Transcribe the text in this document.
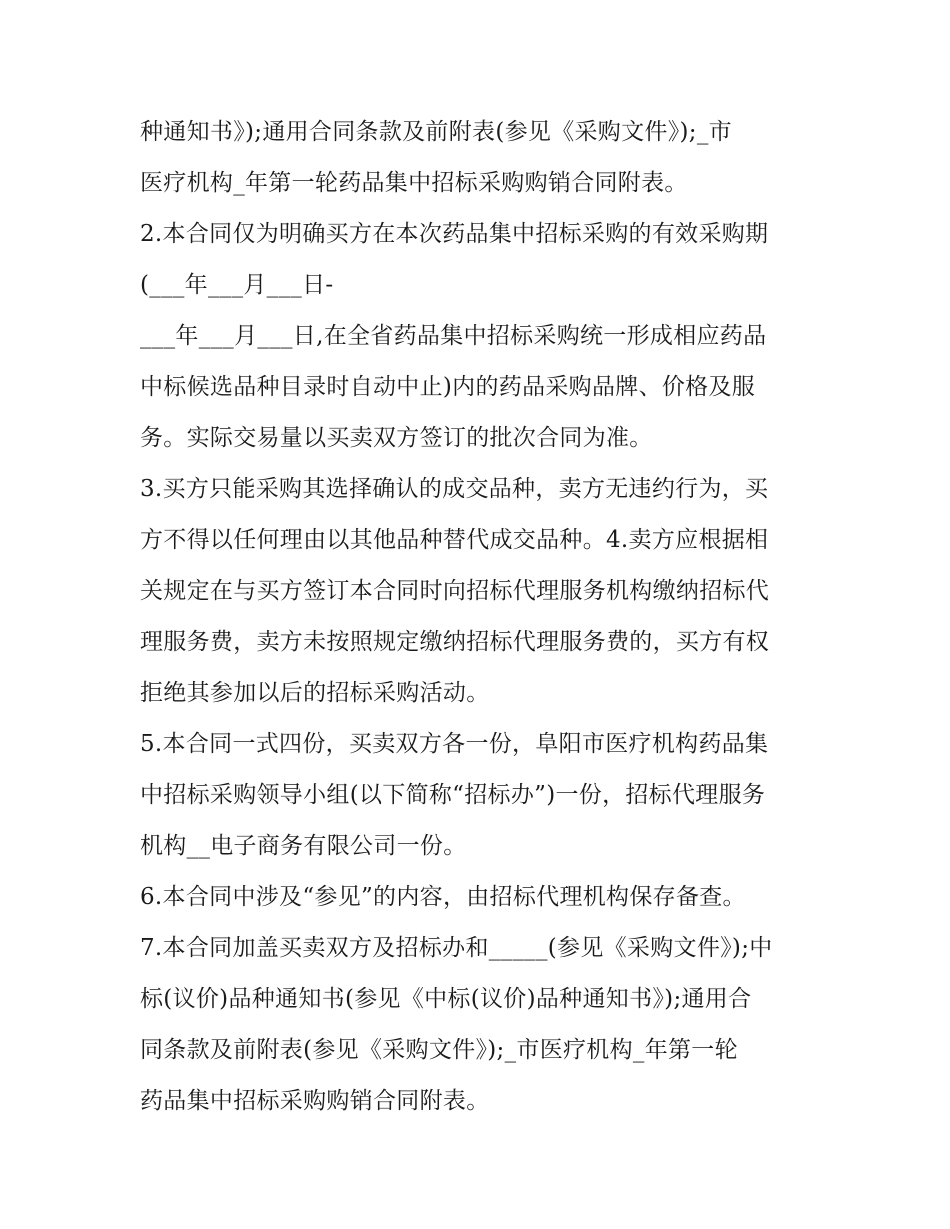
种通知书》);通用合同条款及前附表(参见《采购文件》);_市
医疗机构_年第一轮药品集中招标采购购销合同附表。
2.本合同仅为明确买方在本次药品集中招标采购的有效采购期
(___年___月___日-
___年___月___日,在全省药品集中招标采购统一形成相应药品
中标候选品种目录时自动中止)内的药品采购品牌、价格及服
务。实际交易量以买卖双方签订的批次合同为准。
3.买方只能采购其选择确认的成交品种，卖方无违约行为，买
方不得以任何理由以其他品种替代成交品种。4.卖方应根据相
关规定在与买方签订本合同时向招标代理服务机构缴纳招标代
理服务费，卖方未按照规定缴纳招标代理服务费的，买方有权
拒绝其参加以后的招标采购活动。
5.本合同一式四份，买卖双方各一份，阜阳市医疗机构药品集
中招标采购领导小组(以下简称“招标办”)一份，招标代理服务
机构__电子商务有限公司一份。
6.本合同中涉及“参见”的内容，由招标代理机构保存备查。
7.本合同加盖买卖双方及招标办和_____(参见《采购文件》);中
标(议价)品种通知书(参见《中标(议价)品种通知书》);通用合
同条款及前附表(参见《采购文件》);_市医疗机构_年第一轮
药品集中招标采购购销合同附表。
